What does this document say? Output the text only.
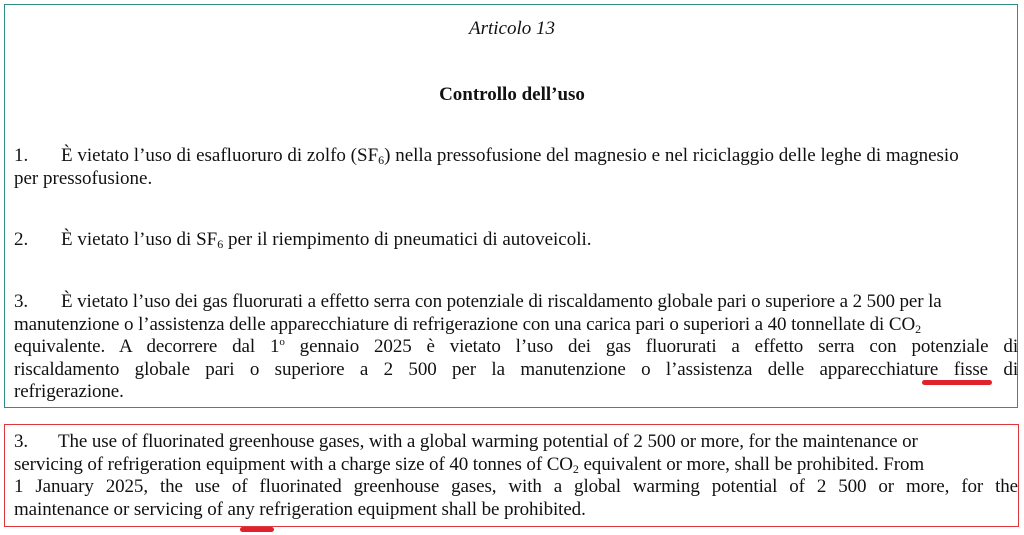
Articolo 13
Controllo dell’uso
1. È vietato l’uso di esafluoruro di zolfo $(SF_6)$ nella pressofusione del magnesio e nel riciclaggio delle leghe di magnesio
per pressofusione.
2. È vietato l’uso di $SF_6$ per il riempimento di pneumatici di autoveicoli.
3. È vietato l’uso dei gas fluorurati a effetto serra con potenziale di riscaldamento globale pari o superiore a 2 500 per la
manutenzione o l’assistenza delle apparecchiature di refrigerazione con una carica pari o superiori a 40 tonnellate di $CO_2$
equivalente. A decorrere dal 1$^o$ gennaio 2025 è vietato l’uso dei gas fluorurati a effetto serra con potenziale di
riscaldamento globale pari o superiore a 2 500 per la manutenzione o l’assistenza delle apparecchiature fisse di
refrigerazione.
3. The use of fluorinated greenhouse gases, with a global warming potential of 2 500 or more, for the maintenance or
servicing of refrigeration equipment with a charge size of 40 tonnes of $CO_2$ equivalent or more, shall be prohibited. From
1 January 2025, the use of fluorinated greenhouse gases, with a global warming potential of 2 500 or more, for the
maintenance or servicing of any refrigeration equipment shall be prohibited.
